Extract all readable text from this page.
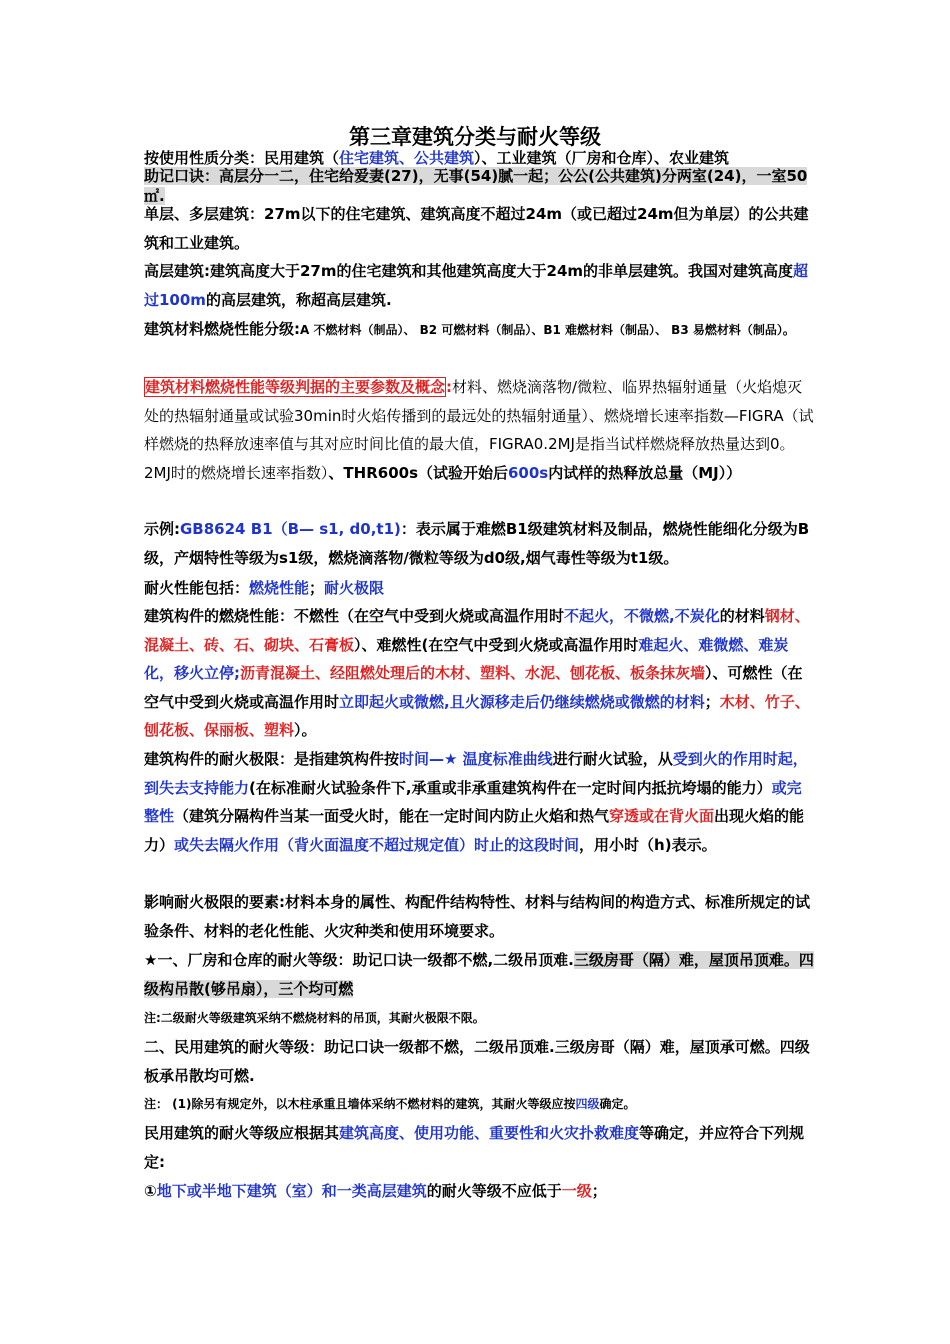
第三章建筑分类与耐火等级
按使用性质分类：民用建筑（住宅建筑、公共建筑）、工业建筑（厂房和仓库）、农业建筑
助记口诀：高层分一二，住宅给爱妻(27)，无事(54)腻一起；公公(公共建筑)分两室(24)，一室50 ㎡.
单层、多层建筑：27m以下的住宅建筑、建筑高度不超过24m（或已超过24m但为单层）的公共建筑和工业建筑。
高层建筑:建筑高度大于27m的住宅建筑和其他建筑高度大于24m的非单层建筑。我国对建筑高度超过100m的高层建筑，称超高层建筑.
建筑材料燃烧性能分级:A 不燃材料（制品）、 B2 可燃材料（制品）、B1 难燃材料（制品）、 B3 易燃材料（制品）。
建筑材料燃烧性能等级判据的主要参数及概念:材料、燃烧滴落物/微粒、临界热辐射通量（火焰熄灭处的热辐射通量或试验30min时火焰传播到的最远处的热辐射通量）、燃烧增长速率指数—FIGRA（试样燃烧的热释放速率值与其对应时间比值的最大值，FIGRA0.2MJ是指当试样燃烧释放热量达到0。2MJ时的燃烧增长速率指数）、THR600s（试验开始后600s内试样的热释放总量（MJ））
示例:GB8624 B1（B— s1, d0,t1)：表示属于难燃B1级建筑材料及制品，燃烧性能细化分级为B级，产烟特性等级为s1级，燃烧滴落物/微粒等级为d0级,烟气毒性等级为t1级。
耐火性能包括：燃烧性能；耐火极限
建筑构件的燃烧性能：不燃性（在空气中受到火烧或高温作用时不起火，不微燃,不炭化的材料钢材、混凝土、砖、石、砌块、石膏板）、难燃性(在空气中受到火烧或高温作用时难起火、难微燃、难炭化，移火立停;沥青混凝土、经阻燃处理后的木材、塑料、水泥、刨花板、板条抹灰墙）、可燃性（在空气中受到火烧或高温作用时立即起火或微燃,且火源移走后仍继续燃烧或微燃的材料；木材、竹子、刨花板、保丽板、塑料）。
建筑构件的耐火极限：是指建筑构件按时间—★ 温度标准曲线进行耐火试验，从受到火的作用时起，到失去支持能力(在标准耐火试验条件下,承重或非承重建筑构件在一定时间内抵抗垮塌的能力）或完整性（建筑分隔构件当某一面受火时，能在一定时间内防止火焰和热气穿透或在背火面出现火焰的能力）或失去隔火作用（背火面温度不超过规定值）时止的这段时间，用小时（h)表示。
影响耐火极限的要素:材料本身的属性、构配件结构特性、材料与结构间的构造方式、标准所规定的试验条件、材料的老化性能、火灾种类和使用环境要求。
★一、厂房和仓库的耐火等级：助记口诀一级都不燃,二级吊顶难.三级房哥（隔）难，屋顶吊顶难。四级构吊散(够吊扇），三个均可燃
注:二级耐火等级建筑采纳不燃烧材料的吊顶，其耐火极限不限。
二、民用建筑的耐火等级：助记口诀一级都不燃，二级吊顶难.三级房哥（隔）难，屋顶承可燃。四级板承吊散均可燃.
注： (1)除另有规定外，以木柱承重且墙体采纳不燃材料的建筑，其耐火等级应按四级确定。
民用建筑的耐火等级应根据其建筑高度、使用功能、重要性和火灾扑救难度等确定，并应符合下列规定:
①地下或半地下建筑（室）和一类高层建筑的耐火等级不应低于一级；
